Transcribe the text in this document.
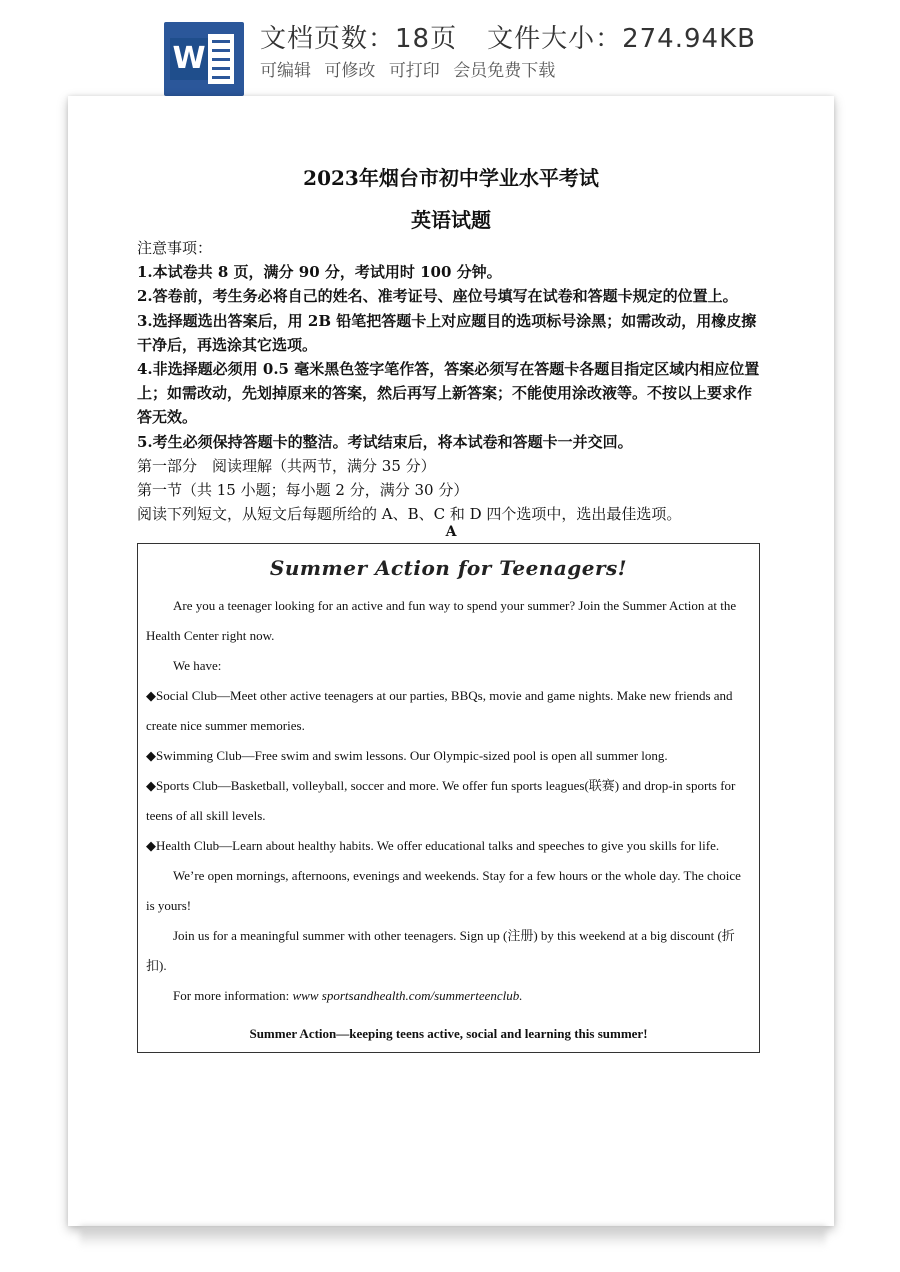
W
文档页数：18页 文件大小：274.94KB
可编辑 可修改 可打印 会员免费下载
2023年烟台市初中学业水平考试
英语试题
注意事项：
1.本试卷共 8 页，满分 90 分，考试用时 100 分钟。
2.答卷前，考生务必将自己的姓名、准考证号、座位号填写在试卷和答题卡规定的位置上。
3.选择题选出答案后，用 2B 铅笔把答题卡上对应题目的选项标号涂黑；如需改动，用橡皮擦干净后，再选涂其它选项。
4.非选择题必须用 0.5 毫米黑色签字笔作答，答案必须写在答题卡各题目指定区域内相应位置上；如需改动，先划掉原来的答案，然后再写上新答案；不能使用涂改液等。不按以上要求作答无效。
5.考生必须保持答题卡的整洁。考试结束后，将本试卷和答题卡一并交回。
第一部分　阅读理解（共两节，满分 35 分）
第一节（共 15 小题；每小题 2 分，满分 30 分）
阅读下列短文，从短文后每题所给的 A、B、C 和 D 四个选项中，选出最佳选项。
A
Summer Action for Teenagers!

Are you a teenager looking for an active and fun way to spend your summer? Join the Summer Action at the Health Center right now.

We have:

◆Social Club—Meet other active teenagers at our parties, BBQs, movie and game nights. Make new friends and create nice summer memories.

◆Swimming Club—Free swim and swim lessons. Our Olympic-sized pool is open all summer long.

◆Sports Club—Basketball, volleyball, soccer and more. We offer fun sports leagues(联赛) and drop-in sports for teens of all skill levels.

◆Health Club—Learn about healthy habits. We offer educational talks and speeches to give you skills for life.

We’re open mornings, afternoons, evenings and weekends. Stay for a few hours or the whole day. The choice is yours!

Join us for a meaningful summer with other teenagers. Sign up (注册) by this weekend at a big discount (折扣).

For more information: www sportsandhealth.com/summerteenclub.

Summer Action—keeping teens active, social and learning this summer!
